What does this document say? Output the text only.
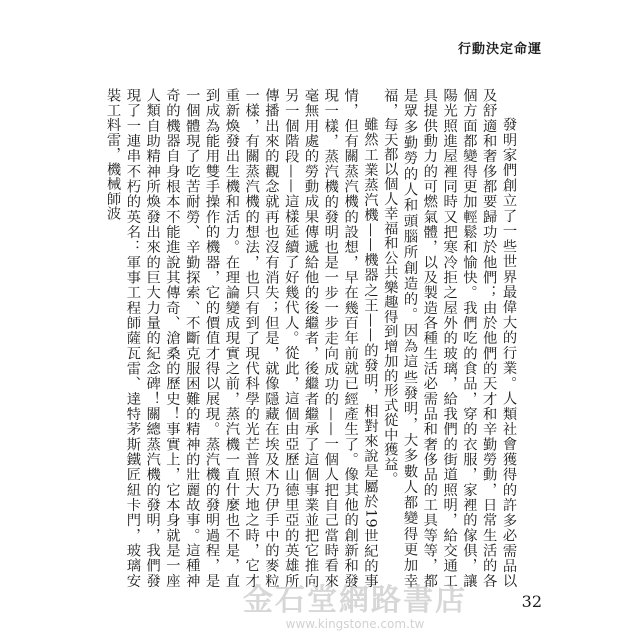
行動決定命運

發明家們創立了一些世界最偉大的行業。人類社會獲得的許多必需品以及舒適和奢侈都要歸功於他們；由於他們的天才和辛勤勞動，日常生活的各個方面都變得更加輕鬆和愉快。我們吃的食品，穿的衣服，家裡的傢俱，讓陽光照進屋裡同時又把寒冷拒之屋外的玻璃，給我們的街道照明，給交通工具提供動力的可燃氣體，以及製造各種生活必需品和奢侈品的工具等等，都是眾多勤勞的人和頭腦所創造的。因為這些發明，大多數人都變得更加幸福，每天都以個人幸福和公共樂趣得到增加的形式從中獲益。

雖然工業蒸汽機——機器之王——的發明，相對來說是屬於19世紀的事情，但有關蒸汽機的設想，早在幾百年前就已經產生了。像其他的創新和發現一樣，蒸汽機的發明也是一步一步走向成功的——一個人把自己當時看來毫無用處的勞動成果傳遞給他的後繼者，後繼者繼承了這個事業並把它推向另一個階段——這樣延續了好幾代人。從此，這個由亞歷山德里亞的英雄所傳播出來的觀念就再也沒有消失；但是，就像隱藏在埃及木乃伊手中的麥粒一樣，有關蒸汽機的想法，也只有到了現代科學的光芒普照大地之時，它才重新煥發出生機和活力。在理論變成現實之前，蒸汽機一直什麼也不是，直到成為能用雙手操作的機器，它的價值才得以展現。蒸汽機的發明過程，是一個體現了吃苦耐勞、辛勤探索、不斷克服困難的精神的壯麗故事。這種神奇的機器自身根本不能進說其傳奇、滄桑的歷史！事實上，它本身就是一座人類自助精神所煥發出來的巨大力量的紀念碑！關總蒸汽機的發明，我們發現了一連串不朽的英名：軍事工程師薩瓦雷、達特茅斯鐵匠紐卡門，玻璃安裝工料雷，機械師波

32
金石堂網路書店
www.kingstone.com.tw
